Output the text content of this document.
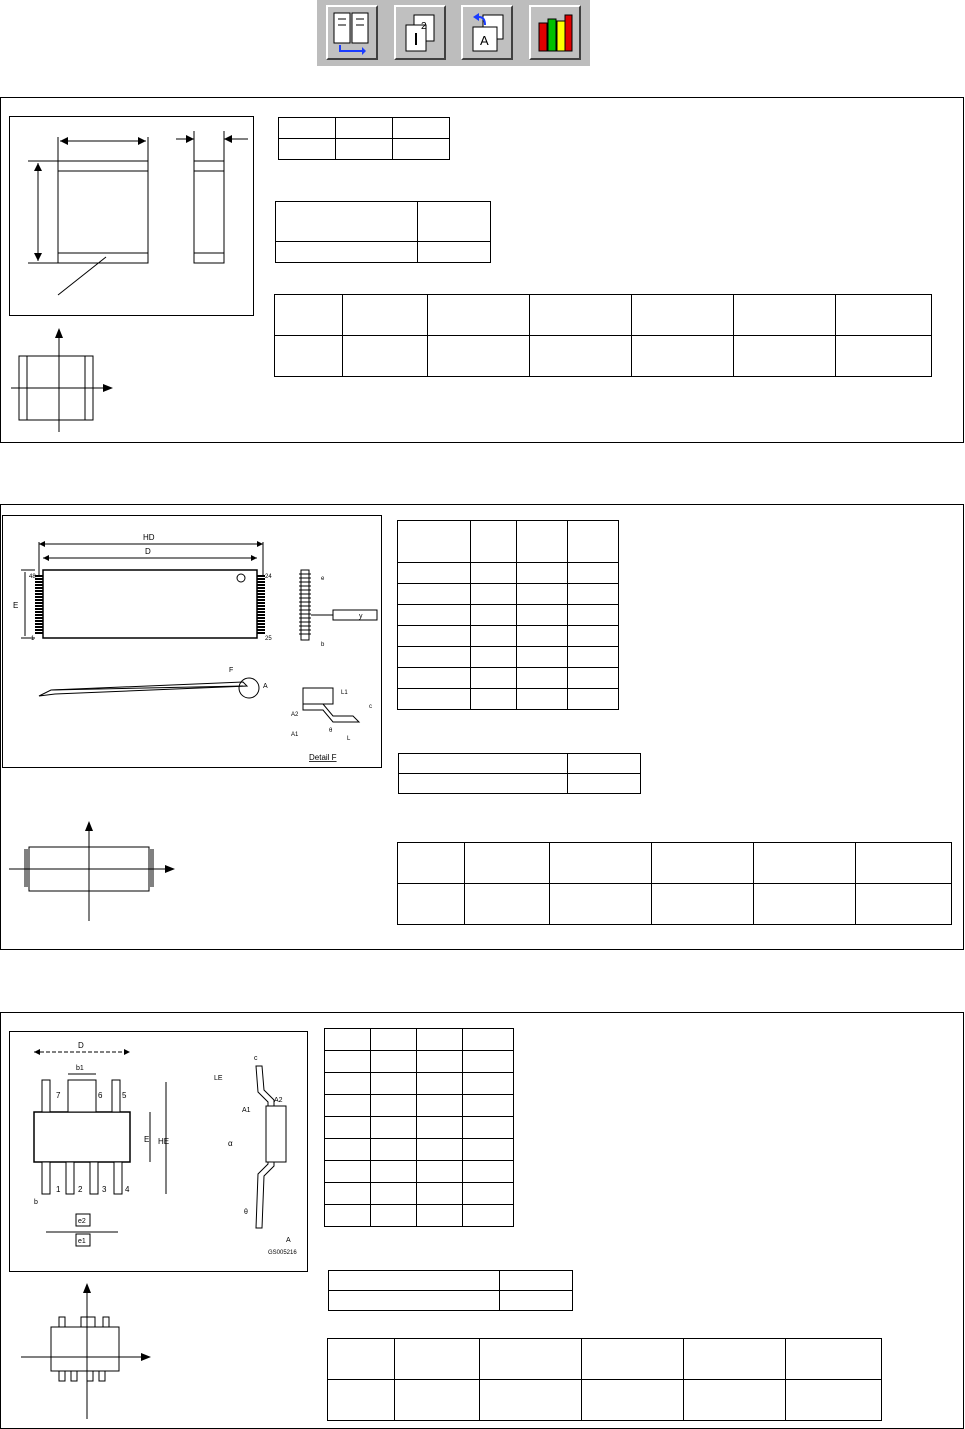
2
A

HD
D
48
1
24
25
E
y
e
b
F
A
L1
L
c
A2
A1
θ
Detail F

D
b1
7	6 5
1 2 3 4
E HE
b
e2
e1
c
LE
A1
A2
α
θ
A
GS005216
